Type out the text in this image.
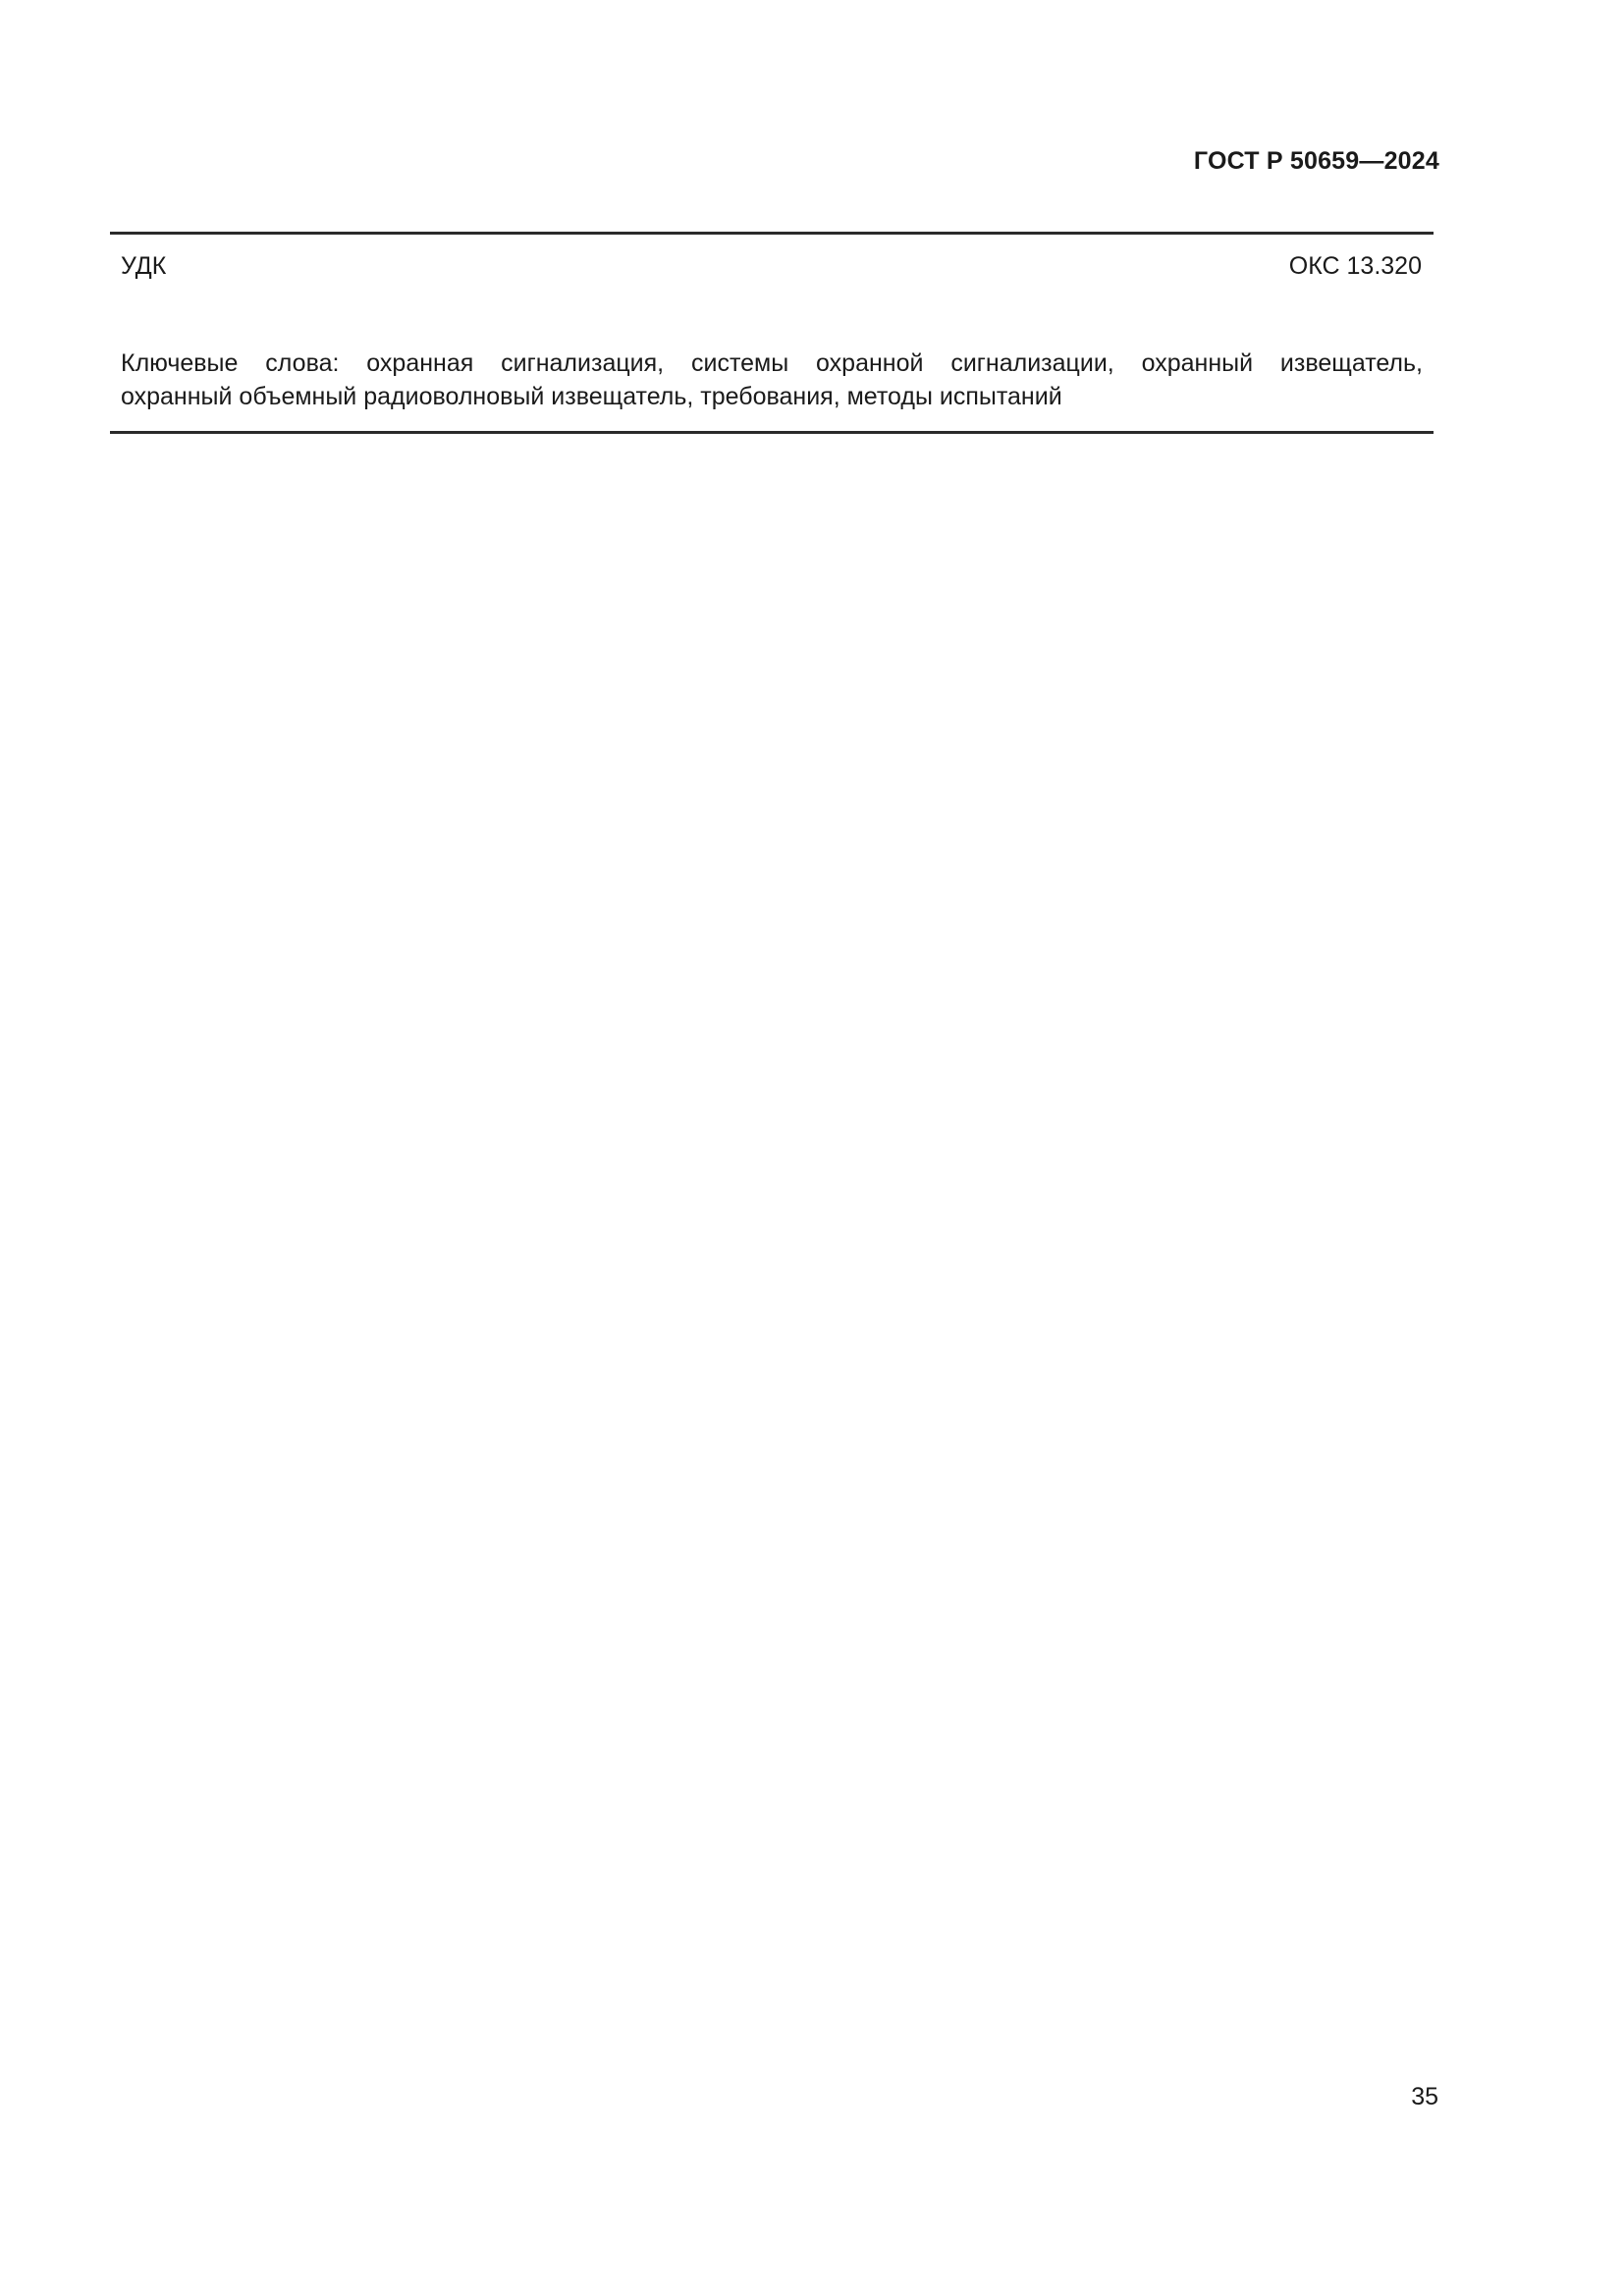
ГОСТ Р 50659—2024
УДК	ОКС 13.320
Ключевые слова: охранная сигнализация, системы охранной сигнализации, охранный извещатель,
охранный объемный радиоволновый извещатель, требования, методы испытаний
35
